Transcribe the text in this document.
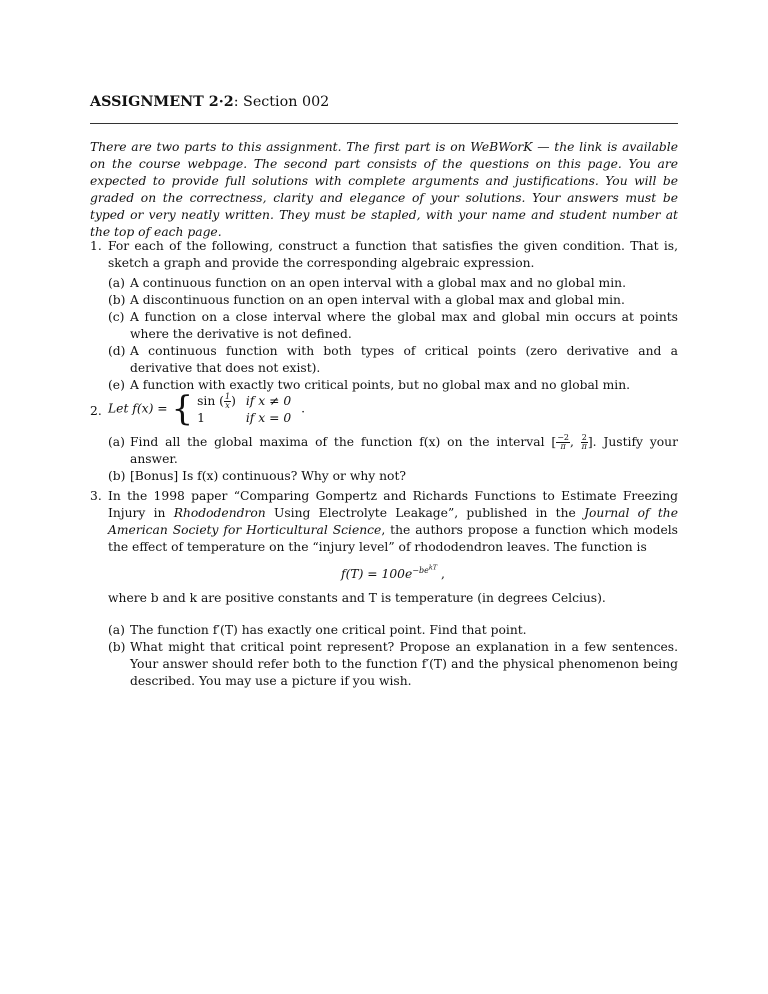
ASSIGNMENT 2·2: Section 002
There are two parts to this assignment. The first part is on WeBWorK — the link is available on the course webpage. The second part consists of the questions on this page. You are expected to provide full solutions with complete arguments and justifications. You will be graded on the correctness, clarity and elegance of your solutions. Your answers must be typed or very neatly written. They must be stapled, with your name and student number at the top of each page.
1. For each of the following, construct a function that satisfies the given condition. That is, sketch a graph and provide the corresponding algebraic expression.
(a) A continuous function on an open interval with a global max and no global min.
(b) A discontinuous function on an open interval with a global max and global min.
(c) A function on a close interval where the global max and global min occurs at points where the derivative is not defined.
(d) A continuous function with both types of critical points (zero derivative and a derivative that does not exist).
(e) A function with exactly two critical points, but no global max and no global min.
2. Let f(x) = { sin ( $\frac{1}{x}$)	if x ≠ 0
1	if x = 0.
(a) Find all the global maxima of the function f(x) on the interval [ $\frac{-2}{\pi}$, $\frac{2}{\pi}$]. Justify your answer.
(b) [Bonus] Is f(x) continuous? Why or why not?
3. In the 1998 paper “Comparing Gompertz and Richards Functions to Estimate Freezing Injury in Rhododendron Using Electrolyte Leakage”, published in the Journal of the American Society for Horticultural Science, the authors propose a function which models the effect of temperature on the “injury level” of rhododendron leaves. The function is
$f(T) = 100e^{-be^{kT}}$ ,
where b and k are positive constants and T is temperature (in degrees Celcius).
(a) The function f′(T) has exactly one critical point. Find that point.
(b) What might that critical point represent? Propose an explanation in a few sentences. Your answer should refer both to the function f′(T) and the physical phenomenon being described. You may use a picture if you wish.
